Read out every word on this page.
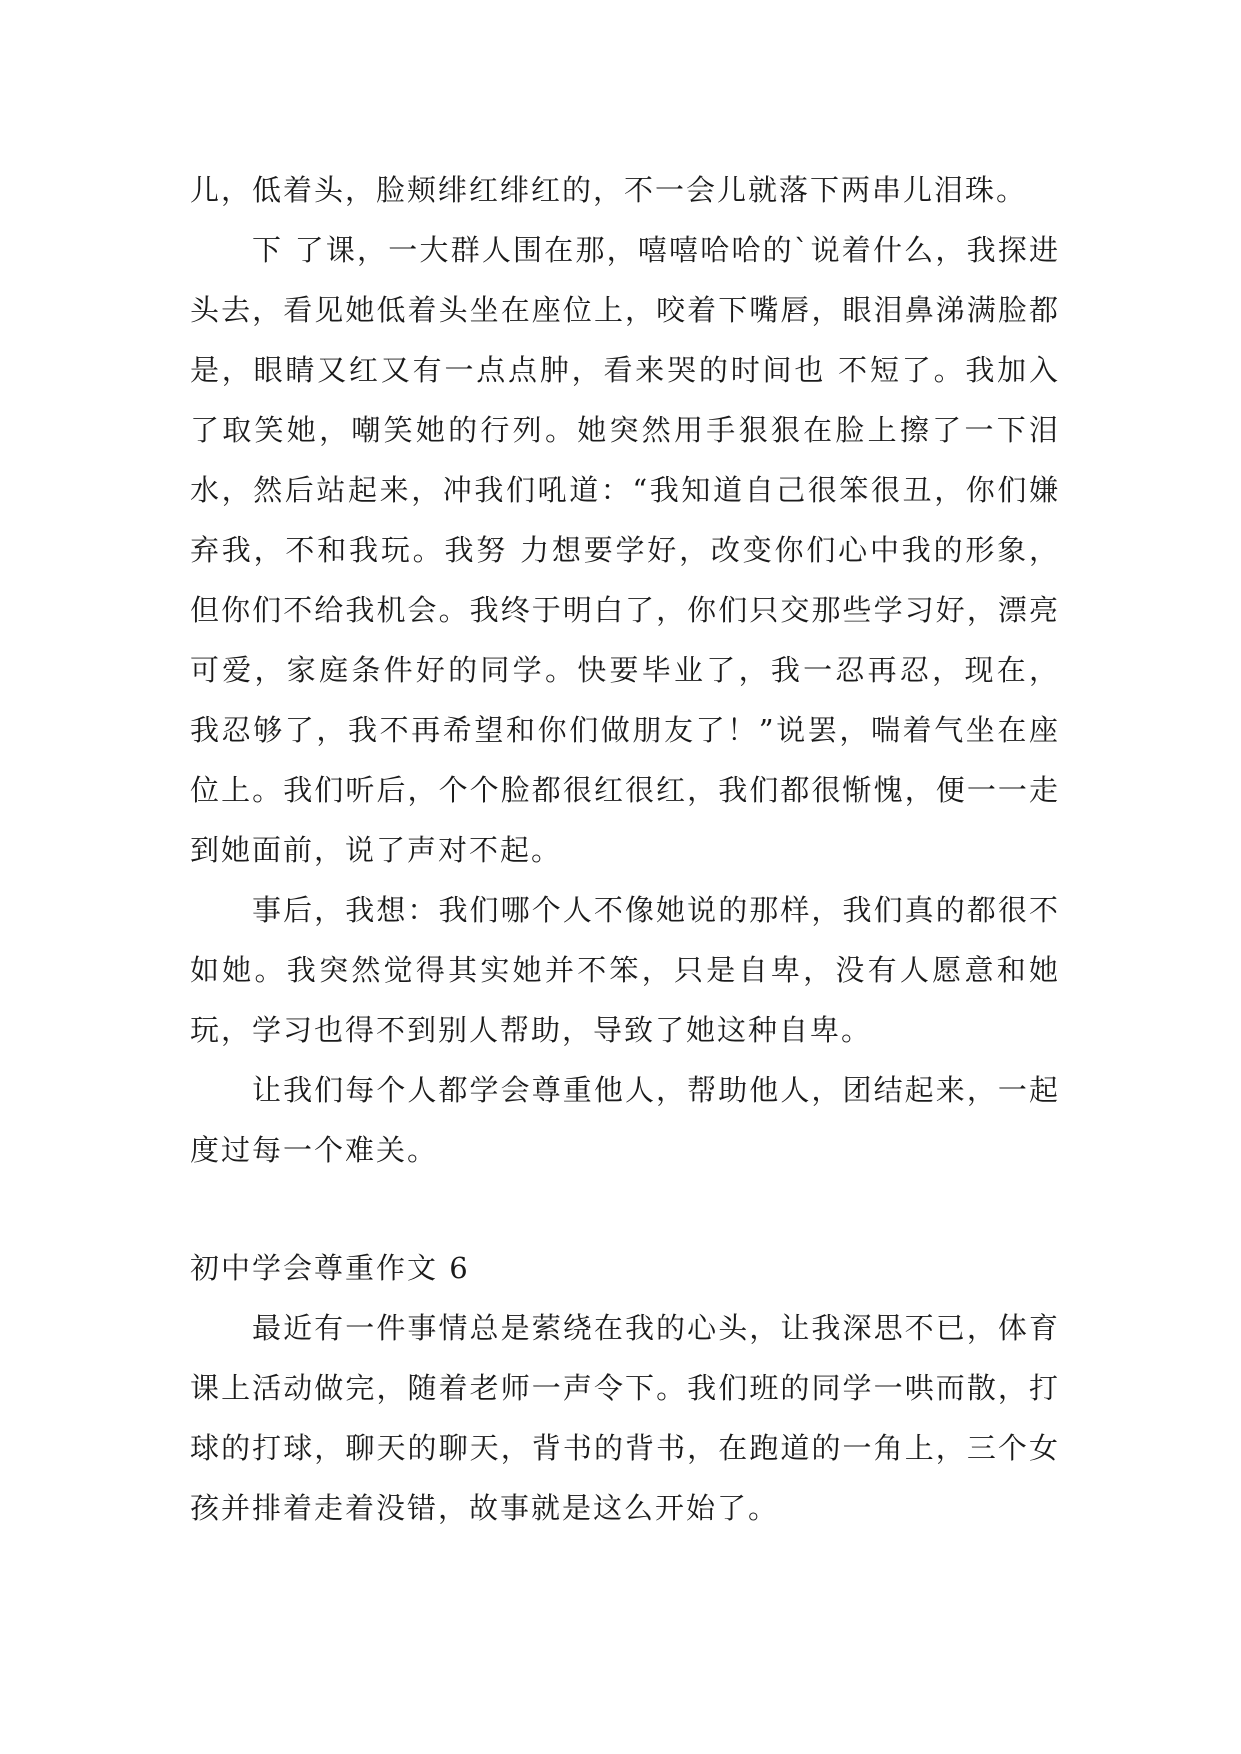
儿，低着头，脸颊绯红绯红的，不一会儿就落下两串儿泪珠。

下 了课，一大群人围在那，嘻嘻哈哈的`说着什么，我探进头去，看见她低着头坐在座位上，咬着下嘴唇，眼泪鼻涕满脸都是，眼睛又红又有一点点肿，看来哭的时间也 不短了。我加入了取笑她，嘲笑她的行列。她突然用手狠狠在脸上擦了一下泪水，然后站起来，冲我们吼道：“我知道自己很笨很丑，你们嫌弃我，不和我玩。我努 力想要学好，改变你们心中我的形象，但你们不给我机会。我终于明白了，你们只交那些学习好，漂亮可爱，家庭条件好的同学。快要毕业了，我一忍再忍，现在， 我忍够了，我不再希望和你们做朋友了！”说罢，喘着气坐在座位上。我们听后，个个脸都很红很红，我们都很惭愧，便一一走到她面前，说了声对不起。

事后，我想：我们哪个人不像她说的那样，我们真的都很不如她。我突然觉得其实她并不笨，只是自卑，没有人愿意和她玩，学习也得不到别人帮助，导致了她这种自卑。

让我们每个人都学会尊重他人，帮助他人，团结起来，一起度过每一个难关。

初中学会尊重作文 6

最近有一件事情总是萦绕在我的心头，让我深思不已，体育课上活动做完，随着老师一声令下。我们班的同学一哄而散，打球的打球，聊天的聊天，背书的背书，在跑道的一角上，三个女孩并排着走着没错，故事就是这么开始了。
